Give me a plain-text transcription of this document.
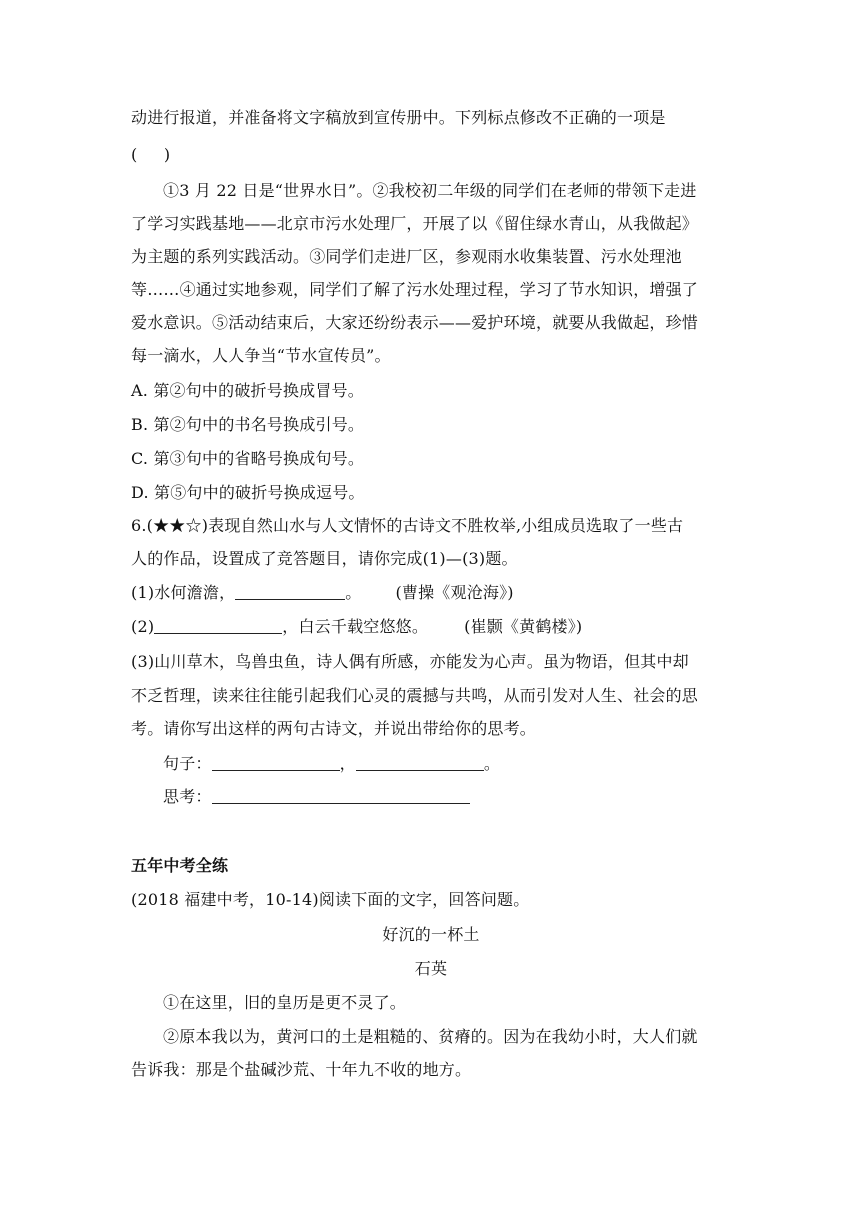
动进行报道，并准备将文字稿放到宣传册中。下列标点修改不正确的一项是
(     )
①3 月 22 日是“世界水日”。②我校初二年级的同学们在老师的带领下走进
了学习实践基地——北京市污水处理厂，开展了以《留住绿水青山，从我做起》
为主题的系列实践活动。③同学们走进厂区，参观雨水收集装置、污水处理池
等……④通过实地参观，同学们了解了污水处理过程，学习了节水知识，增强了
爱水意识。⑤活动结束后，大家还纷纷表示——爱护环境，就要从我做起，珍惜
每一滴水，人人争当“节水宣传员”。
A. 第②句中的破折号换成冒号。
B. 第②句中的书名号换成引号。
C. 第③句中的省略号换成句号。
D. 第⑤句中的破折号换成逗号。
6.(★★☆)表现自然山水与人文情怀的古诗文不胜枚举,小组成员选取了一些古
人的作品，设置成了竞答题目，请你完成(1)—(3)题。
(1)水何澹澹，	。 (曹操《观沧海》)
(2)	，白云千载空悠悠。 (崔颢《黄鹤楼》)
(3)山川草木，鸟兽虫鱼，诗人偶有所感，亦能发为心声。虽为物语，但其中却
不乏哲理，读来往往能引起我们心灵的震撼与共鸣，从而引发对人生、社会的思
考。请你写出这样的两句古诗文，并说出带给你的思考。
句子：	，	。
思考：
五年中考全练
(2018 福建中考，10-14)阅读下面的文字，回答问题。
好沉的一杯土
石英
①在这里，旧的皇历是更不灵了。
②原本我以为，黄河口的土是粗糙的、贫瘠的。因为在我幼小时，大人们就
告诉我：那是个盐碱沙荒、十年九不收的地方。
